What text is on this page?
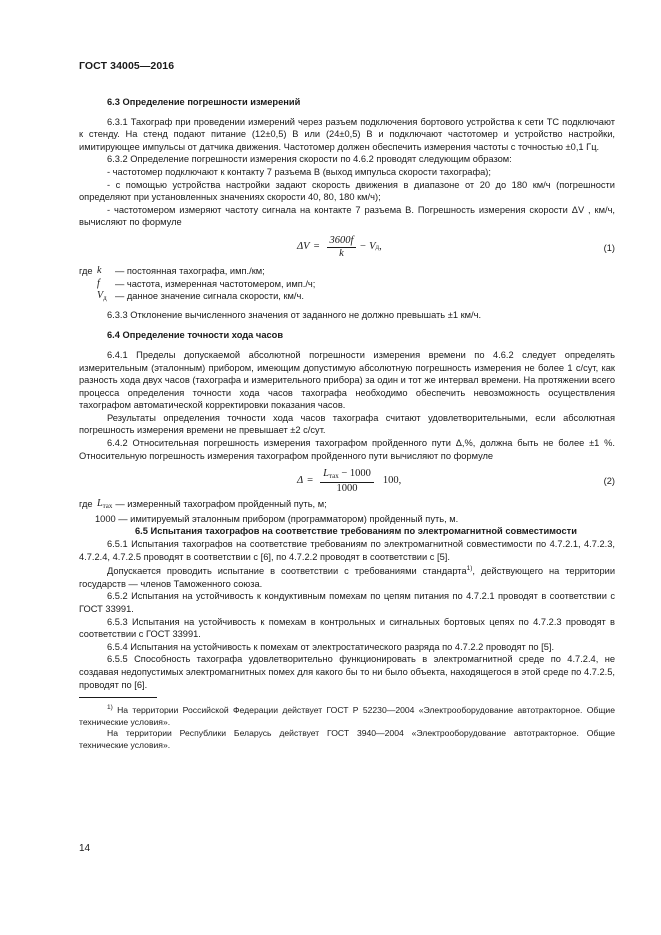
ГОСТ 34005—2016

6.3 Определение погрешности измерений

6.3.1 Тахограф при проведении измерений через разъем подключения бортового устройства к сети ТС подключают к стенду. На стенд подают питание (12±0,5) В или (24±0,5) В и подключают частотомер и устройство настройки, имитирующее импульсы от датчика движения. Частотомер должен обеспечить измерения частоты с точностью ±0,1 Гц.

6.3.2 Определение погрешности измерения скорости по 4.6.2 проводят следующим образом:

- частотомер подключают к контакту 7 разъема В (выход импульса скорости тахографа);

- с помощью устройства настройки задают скорость движения в диапазоне от 20 до 180 км/ч (погрешности определяют при установленных значениях скорости 40, 80, 180 км/ч);

- частотомером измеряют частоту сигнала на контакте 7 разъема В. Погрешность измерения скорости ΔV , км/ч, вычисляют по формуле

$\Delta V = \frac{3600f}{k} - V$ д ,	(1)
где k	— постоянная тахографа, имп./км;
f	— частота, измеренная частотомером, имп./ч;
$V_д$ — данное значение сигнала скорости, км/ч.

6.3.3 Отклонение вычисленного значения от заданного не должно превышать ±1 км/ч.

6.4 Определение точности хода часов

6.4.1 Пределы допускаемой абсолютной погрешности измерения времени по 4.6.2 следует определять измерительным (эталонным) прибором, имеющим допустимую абсолютную погрешность измерения не более 1 с/сут, как разность хода двух часов (тахографа и измерительного прибора) за один и тот же интервал времени. На протяжении всего процесса определения точности хода часов тахографа необходимо обеспечить невозможность осуществления тахографом автоматической корректировки показания часов.

Результаты определения точности хода часов тахографа считают удовлетворительными, если абсолютная погрешность измерения времени не превышает ±2 с/сут.

6.4.2 Относительная погрешность измерения тахографом пройденного пути Δ,%, должна быть не более ±1 %. Относительную погрешность измерения тахографом пройденного пути вычисляют по формуле

$\Delta = \frac{L_{тах} - 1000}{1000} 100$,	(2)
где $L_{тах}$ — измеренный тахографом пройденный путь, м;
1000 — имитируемый эталонным прибором (программатором) пройденный путь, м.

6.5 Испытания тахографов на соответствие требованиям по электромагнитной совместимости

6.5.1 Испытания тахографов на соответствие требованиям по электромагнитной совместимости по 4.7.2.1, 4.7.2.3, 4.7.2.4, 4.7.2.5 проводят в соответствии с [6], по 4.7.2.2 проводят в соответствии с [5].

Допускается проводить испытание в соответствии с требованиями стандарта$^{1)}$, действующего на территории государств — членов Таможенного союза.

6.5.2 Испытания на устойчивость к кондуктивным помехам по цепям питания по 4.7.2.1 проводят в соответствии с ГОСТ 33991.

6.5.3 Испытания на устойчивость к помехам в контрольных и сигнальных бортовых цепях по 4.7.2.3 проводят в соответствии с ГОСТ 33991.

6.5.4 Испытания на устойчивость к помехам от электростатического разряда по 4.7.2.2 проводят по [5].

6.5.5 Способность тахографа удовлетворительно функционировать в электромагнитной среде по 4.7.2.4, не создавая недопустимых электромагнитных помех для какого бы то ни было объекта, находящегося в этой среде по 4.7.2.5, проводят по [6].

$^{1)}$ На территории Российской Федерации действует ГОСТ Р 52230—2004 «Электрооборудование автотракторное. Общие технические условия».

На территории Республики Беларусь действует ГОСТ 3940—2004 «Электрооборудование автотракторное. Общие технические условия».

14
